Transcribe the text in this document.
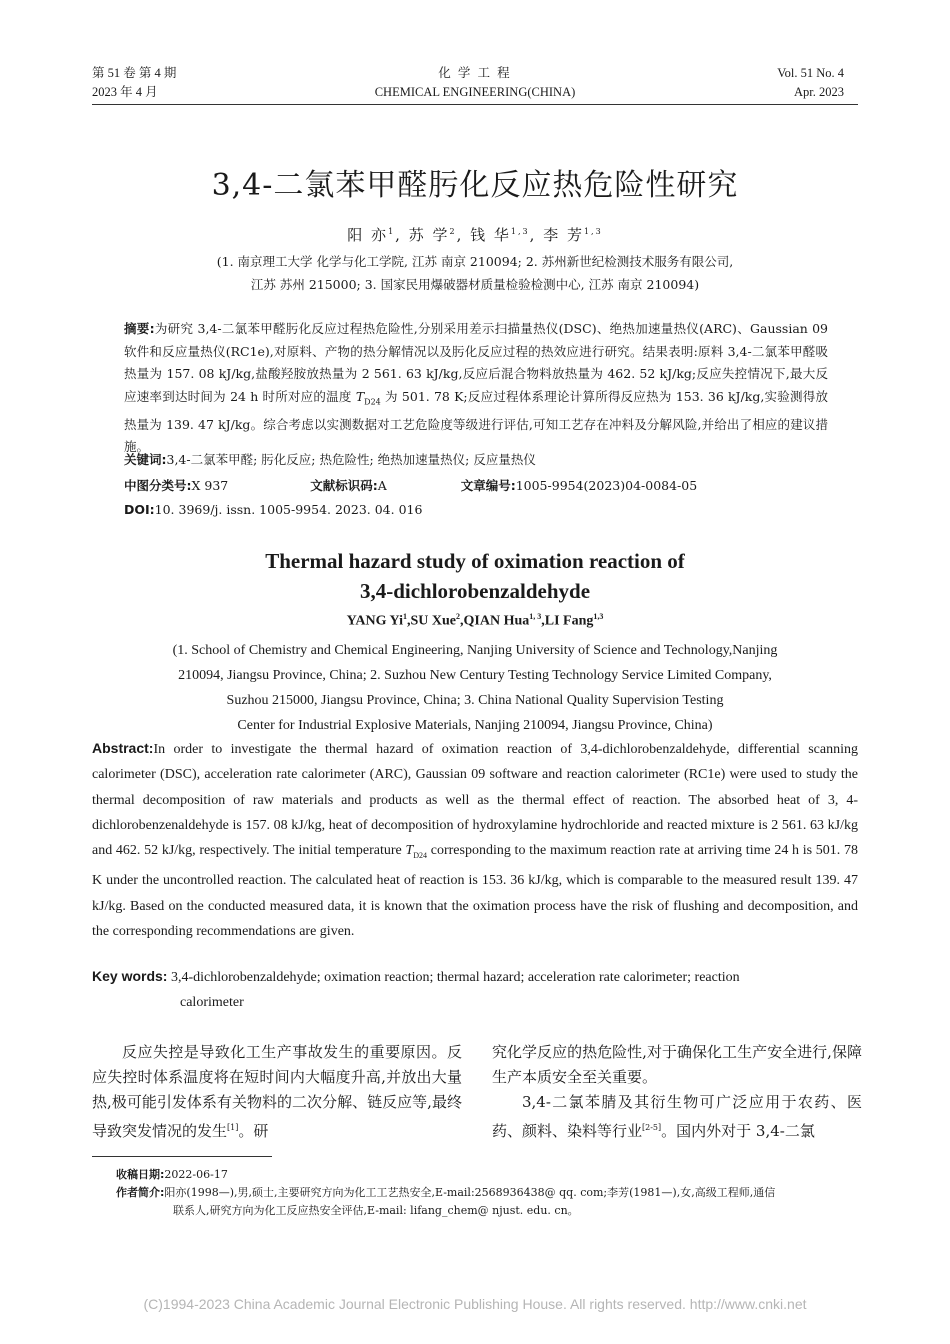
第 51 卷 第 4 期
2023 年 4 月
化 学 工 程
CHEMICAL ENGINEERING(CHINA)
Vol. 51 No. 4
Apr. 2023
3,4-二氯苯甲醛肟化反应热危险性研究
阳 亦$^1$, 苏 学$^2$, 钱 华$^{1,3}$, 李 芳$^{1,3}$
(1. 南京理工大学 化学与化工学院, 江苏 南京 210094; 2. 苏州新世纪检测技术服务有限公司,
江苏 苏州 215000; 3. 国家民用爆破器材质量检验检测中心, 江苏 南京 210094)
摘要:为研究 3,4-二氯苯甲醛肟化反应过程热危险性,分别采用差示扫描量热仪(DSC)、绝热加速量热仪(ARC)、Gaussian 09 软件和反应量热仪(RC1e),对原料、产物的热分解情况以及肟化反应过程的热效应进行研究。结果表明:原料 3,4-二氯苯甲醛吸热量为 157. 08 kJ/kg,盐酸羟胺放热量为 2 561. 63 kJ/kg,反应后混合物料放热量为 462. 52 kJ/kg;反应失控情况下,最大反应速率到达时间为 24 h 时所对应的温度 $T_{D24}$ 为 501. 78 K;反应过程体系理论计算所得反应热为 153. 36 kJ/kg,实验测得放热量为 139. 47 kJ/kg。综合考虑以实测数据对工艺危险度等级进行评估,可知工艺存在冲料及分解风险,并给出了相应的建议措施。
关键词:3,4-二氯苯甲醛; 肟化反应; 热危险性; 绝热加速量热仪; 反应量热仪
中图分类号:X 937	文献标识码:A	文章编号:1005-9954(2023)04-0084-05
DOI:10. 3969/j. issn. 1005-9954. 2023. 04. 016
Thermal hazard study of oximation reaction of
3,4-dichlorobenzaldehyde
YANG Yi$^1$,SU Xue$^2$,QIAN Hua$^{1, 3}$,LI Fang$^{1,3}$
(1. School of Chemistry and Chemical Engineering, Nanjing University of Science and Technology,Nanjing
210094, Jiangsu Province, China; 2. Suzhou New Century Testing Technology Service Limited Company,
Suzhou 215000, Jiangsu Province, China; 3. China National Quality Supervision Testing
Center for Industrial Explosive Materials, Nanjing 210094, Jiangsu Province, China)
Abstract:In order to investigate the thermal hazard of oximation reaction of 3,4-dichlorobenzaldehyde, differential scanning calorimeter (DSC), acceleration rate calorimeter (ARC), Gaussian 09 software and reaction calorimeter (RC1e) were used to study the thermal decomposition of raw materials and products as well as the thermal effect of reaction. The absorbed heat of 3, 4-dichlorobenzenaldehyde is 157. 08 kJ/kg, heat of decomposition of hydroxylamine hydrochloride and reacted mixture is 2 561. 63 kJ/kg and 462. 52 kJ/kg, respectively. The initial temperature $T_{D24}$ corresponding to the maximum reaction rate at arriving time 24 h is 501. 78 K under the uncontrolled reaction. The calculated heat of reaction is 153. 36 kJ/kg, which is comparable to the measured result 139. 47 kJ/kg. Based on the conducted measured data, it is known that the oximation process have the risk of flushing and decomposition, and the corresponding recommendations are given.
Key words: 3,4-dichlorobenzaldehyde; oximation reaction; thermal hazard; acceleration rate calorimeter; reaction
calorimeter

反应失控是导致化工生产事故发生的重要原因。反应失控时体系温度将在短时间内大幅度升高,并放出大量热,极可能引发体系有关物料的二次分解、链反应等,最终导致突发情况的发生[1]。研

究化学反应的热危险性,对于确保化工生产安全进行,保障生产本质安全至关重要。

3,4-二氯苯腈及其衍生物可广泛应用于农药、医药、颜料、染料等行业[2-5]。国内外对于 3,4-二氯

收稿日期:2022-06-17
作者简介:阳亦(1998—),男,硕士,主要研究方向为化工工艺热安全,E-mail:2568936438@ qq. com;李芳(1981—),女,高级工程师,通信
联系人,研究方向为化工反应热安全评估,E-mail: lifang_chem@ njust. edu. cn。
(C)1994-2023 China Academic Journal Electronic Publishing House. All rights reserved. http://www.cnki.net
